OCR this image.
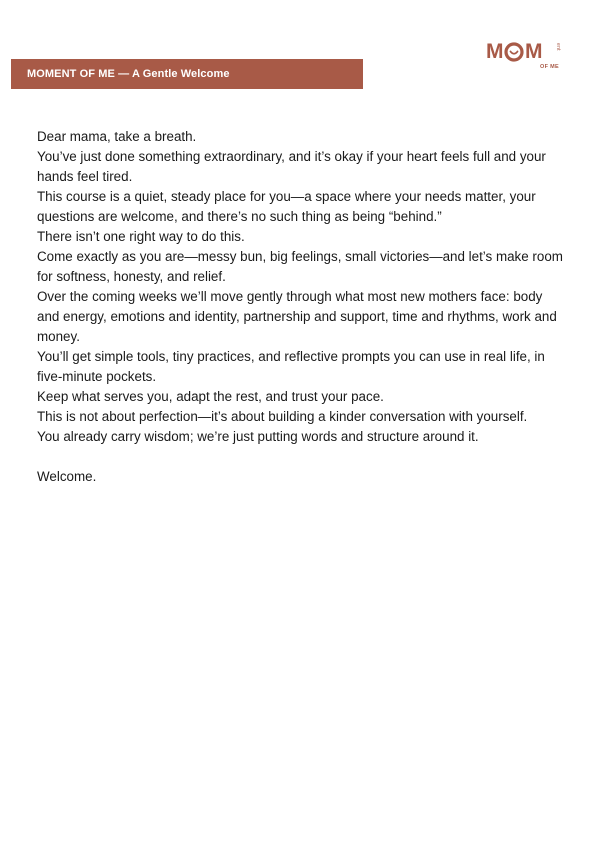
M M	ent
OF ME
MOMENT OF ME — A Gentle Welcome

Dear mama, take a breath.

You’ve just done something extraordinary, and it’s okay if your heart feels full and your hands feel tired.

This course is a quiet, steady place for you—a space where your needs matter, your questions are welcome, and there’s no such thing as being “behind.”

There isn’t one right way to do this.

Come exactly as you are—messy bun, big feelings, small victories—and let’s make room for softness, honesty, and relief.

Over the coming weeks we’ll move gently through what most new mothers face: body and energy, emotions and identity, partnership and support, time and rhythms, work and money.

You’ll get simple tools, tiny practices, and reflective prompts you can use in real life, in five-minute pockets.

Keep what serves you, adapt the rest, and trust your pace.

This is not about perfection—it’s about building a kinder conversation with yourself.

You already carry wisdom; we’re just putting words and structure around it.

Welcome.
